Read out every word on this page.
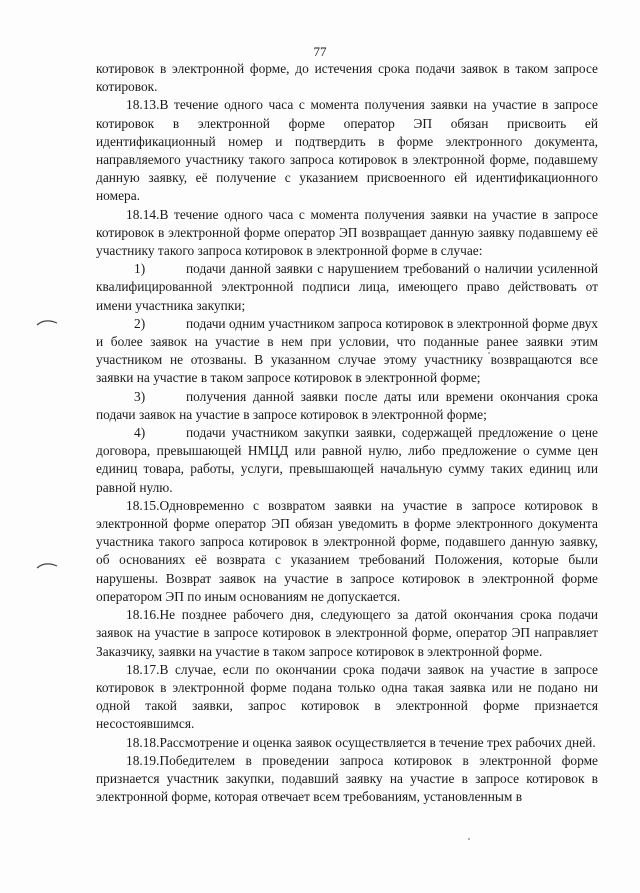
77

котировок в электронной форме, до истечения срока подачи заявок в таком запросе котировок.

18.13.В течение одного часа с момента получения заявки на участие в запросе котировок в электронной форме оператор ЭП обязан присвоить ей идентификационный номер и подтвердить в форме электронного документа, направляемого участнику такого запроса котировок в электронной форме, подавшему данную заявку, её получение с указанием присвоенного ей идентификационного номера.

18.14.В течение одного часа с момента получения заявки на участие в запросе котировок в электронной форме оператор ЭП возвращает данную заявку подавшему её участнику такого запроса котировок в электронной форме в случае:

1)	подачи данной заявки с нарушением требований о наличии усиленной квалифицированной электронной подписи лица, имеющего право действовать от имени участника закупки;

2)	подачи одним участником запроса котировок в электронной форме двух и более заявок на участие в нем при условии, что поданные ранее заявки этим участником не отозваны. В указанном случае этому участнику возвращаются все заявки на участие в таком запросе котировок в электронной форме;

3)	получения данной заявки после даты или времени окончания срока подачи заявок на участие в запросе котировок в электронной форме;

4)	подачи участником закупки заявки, содержащей предложение о цене договора, превышающей НМЦД или равной нулю, либо предложение о сумме цен единиц товара, работы, услуги, превышающей начальную сумму таких единиц или равной нулю.

18.15.Одновременно с возвратом заявки на участие в запросе котировок в электронной форме оператор ЭП обязан уведомить в форме электронного документа участника такого запроса котировок в электронной форме, подавшего данную заявку, об основаниях её возврата с указанием требований Положения, которые были нарушены. Возврат заявок на участие в запросе котировок в электронной форме оператором ЭП по иным основаниям не допускается.

18.16.Не позднее рабочего дня, следующего за датой окончания срока подачи заявок на участие в запросе котировок в электронной форме, оператор ЭП направляет Заказчику, заявки на участие в таком запросе котировок в электронной форме.

18.17.В случае, если по окончании срока подачи заявок на участие в запросе котировок в электронной форме подана только одна такая заявка или не подано ни одной такой заявки, запрос котировок в электронной форме признается несостоявшимся.

18.18.Рассмотрение и оценка заявок осуществляется в течение трех рабочих дней.

18.19.Победителем в проведении запроса котировок в электронной форме признается участник закупки, подавший заявку на участие в запросе котировок в электронной форме, которая отвечает всем требованиям, установленным в
